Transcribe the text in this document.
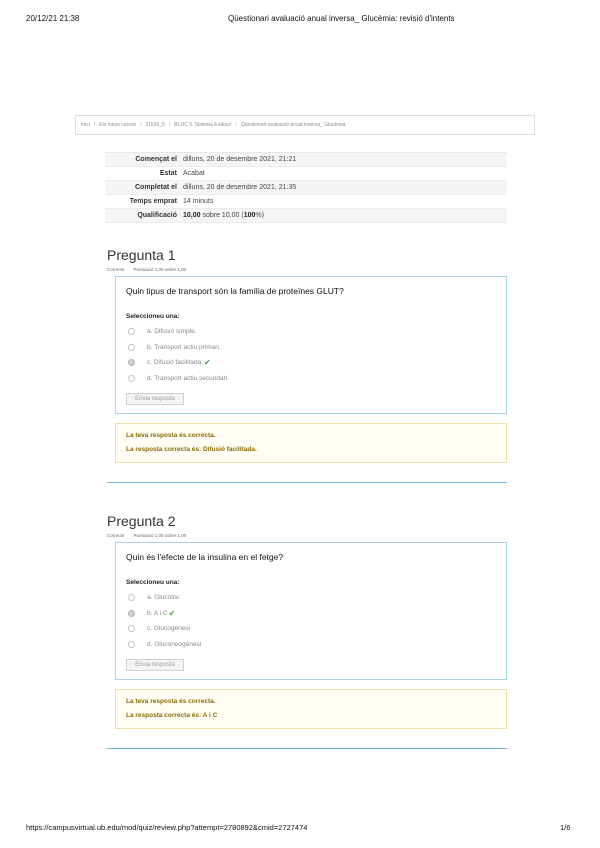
20/12/21 21:38	Qüestionari avaluació anual inversa_ Glucèmia: revisió d'intents
Inici / Els meus cursos / 21526_5 / BLOC 5. Sistema Endocrí / Qüestionari avaluació anual inversa_ Glucèmia
Començat el dilluns, 20 de desembre 2021, 21:21
Estat Acabat
Completat el dilluns, 20 de desembre 2021, 21:35
Temps emprat 14 minuts
Qualificació 10,00 sobre 10,00 (100%)
Pregunta 1
Correcte Puntuació 1,00 sobre 1,00
Quin tipus de transport són la família de proteïnes GLUT?
Seleccioneu una:
a. Difusió simple.
b. Transport actiu primari.
c. Difusió facilitada. ✔
d. Transport actiu secundari.
Envia resposta
La teva resposta és correcta.
La resposta correcta és: Difusió facilitada.
Pregunta 2
Correcte Puntuació 1,00 sobre 1,00
Quin és l'efecte de la insulina en el fetge?
Seleccioneu una:
a. Glucòlisi
b. A i C ✔
c. Glucogènesi
d. Gluconeogènesi
Envia resposta
La teva resposta és correcta.
La resposta correcta és: A i C
https://campusvirtual.ub.edu/mod/quiz/review.php?attempt=2780892&cmid=2727474	1/6
